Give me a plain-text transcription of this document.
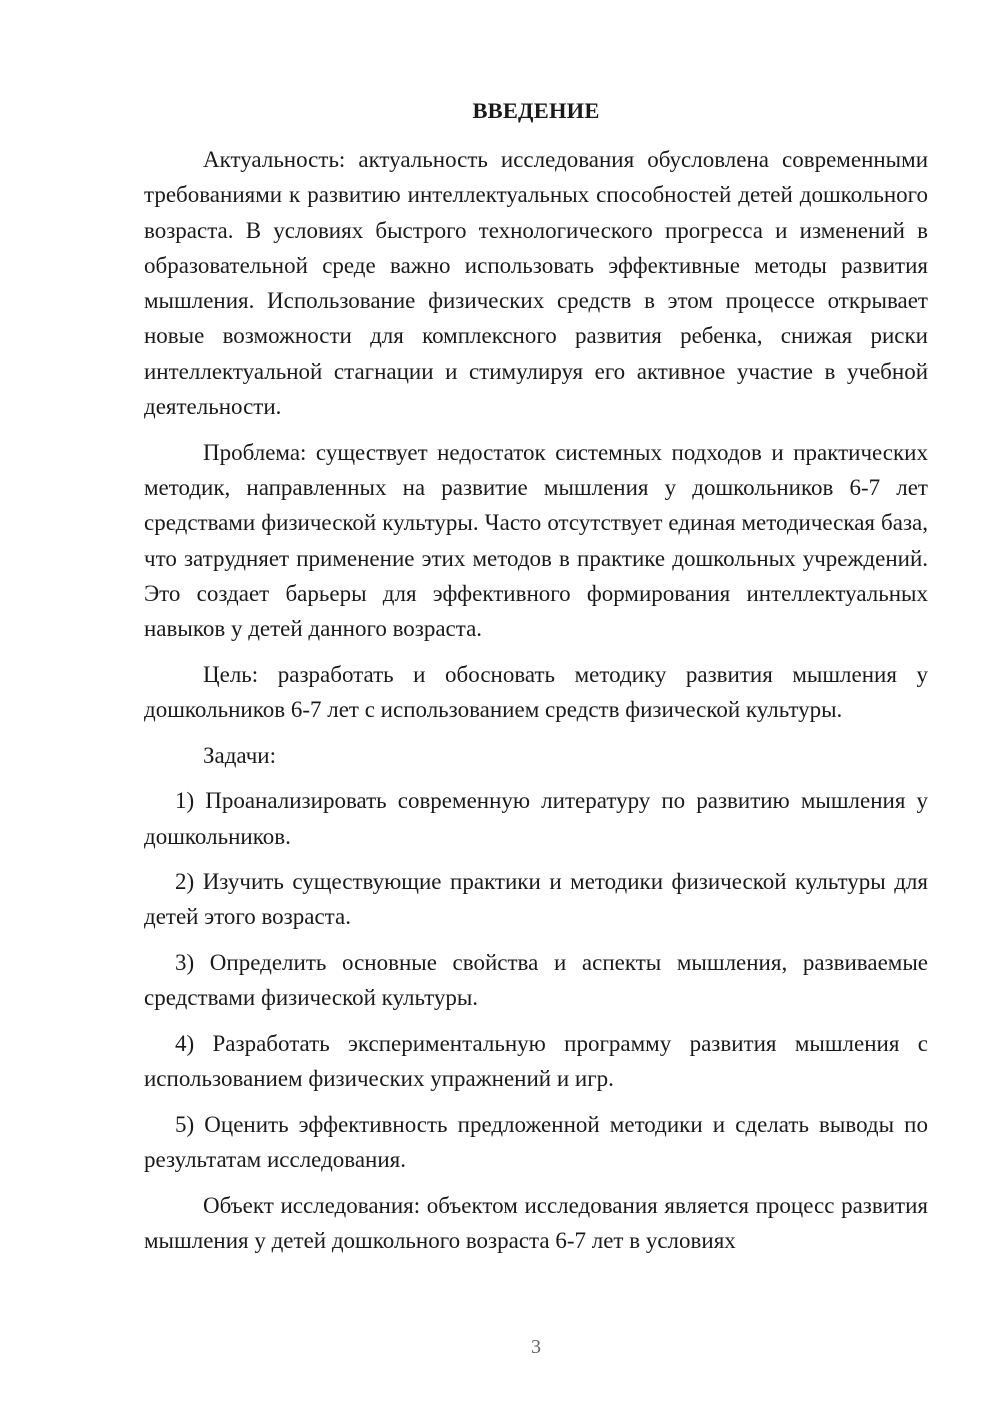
ВВЕДЕНИЕ

Актуальность: актуальность исследования обусловлена современными требованиями к развитию интеллектуальных способностей детей дошкольного возраста. В условиях быстрого технологического прогресса и изменений в образовательной среде важно использовать эффективные методы развития мышления. Использование физических средств в этом процессе открывает новые возможности для комплексного развития ребенка, снижая риски интеллектуальной стагнации и стимулируя его активное участие в учебной деятельности.

Проблема: существует недостаток системных подходов и практических методик, направленных на развитие мышления у дошкольников 6-7 лет средствами физической культуры. Часто отсутствует единая методическая база, что затрудняет применение этих методов в практике дошкольных учреждений. Это создает барьеры для эффективного формирования интеллектуальных навыков у детей данного возраста.

Цель: разработать и обосновать методику развития мышления у дошкольников 6-7 лет с использованием средств физической культуры.

Задачи:

1) Проанализировать современную литературу по развитию мышления у дошкольников.

2) Изучить существующие практики и методики физической культуры для детей этого возраста.

3) Определить основные свойства и аспекты мышления, развиваемые средствами физической культуры.

4) Разработать экспериментальную программу развития мышления с использованием физических упражнений и игр.

5) Оценить эффективность предложенной методики и сделать выводы по результатам исследования.

Объект исследования: объектом исследования является процесс развития мышления у детей дошкольного возраста 6-7 лет в условиях

3
